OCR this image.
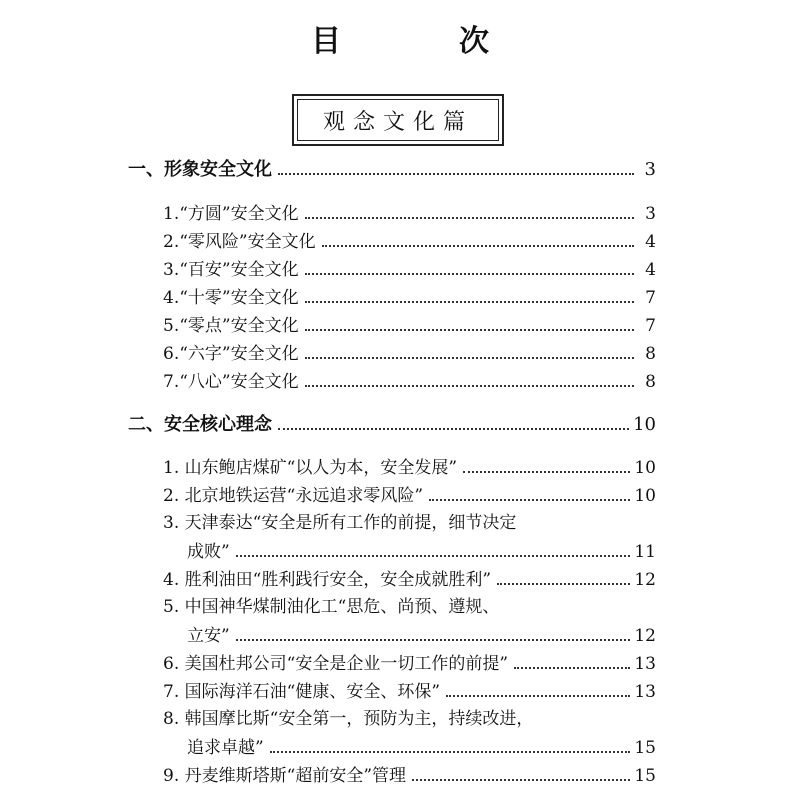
目　次
观念文化篇
一、形象安全文化	3
1.“方圆”安全文化	3
2.“零风险”安全文化	4
3.“百安”安全文化	4
4.“十零”安全文化	7
5.“零点”安全文化	7
6.“六字”安全文化	8
7.“八心”安全文化	8
二、安全核心理念	10
1. 山东鲍店煤矿“以人为本，安全发展”	10
2. 北京地铁运营“永远追求零风险”	10
3. 天津泰达“安全是所有工作的前提，细节决定
成败”	11
4. 胜利油田“胜利践行安全，安全成就胜利”	12
5. 中国神华煤制油化工“思危、尚预、遵规、
立安”	12
6. 美国杜邦公司“安全是企业一切工作的前提”	13
7. 国际海洋石油“健康、安全、环保”	13
8. 韩国摩比斯“安全第一，预防为主，持续改进，
追求卓越”	15
9. 丹麦维斯塔斯“超前安全”管理	15
